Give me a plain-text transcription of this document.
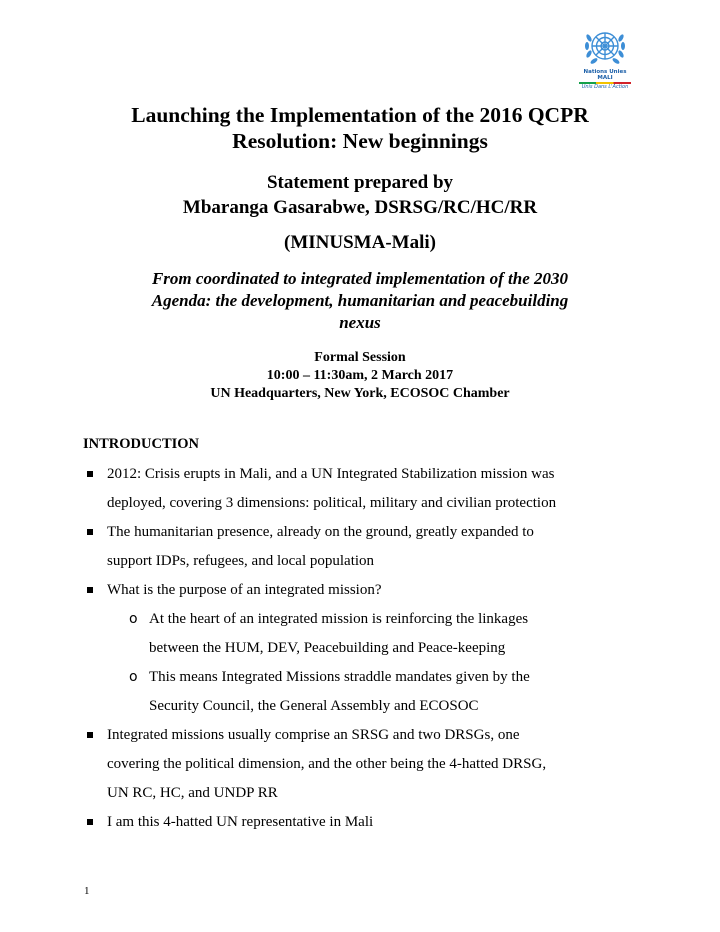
Nations Unies
MALI
Unis Dans L'Action
Launching the Implementation of the 2016 QCPR
Resolution: New beginnings
Statement prepared by
Mbaranga Gasarabwe, DSRSG/RC/HC/RR
(MINUSMA-Mali)
From coordinated to integrated implementation of the 2030
Agenda: the development, humanitarian and peacebuilding
nexus
Formal Session
10:00 – 11:30am, 2 March 2017
UN Headquarters, New York, ECOSOC Chamber
INTRODUCTION
2012: Crisis erupts in Mali, and a UN Integrated Stabilization mission was
deployed, covering 3 dimensions: political, military and civilian protection
The humanitarian presence, already on the ground, greatly expanded to
support IDPs, refugees, and local population
What is the purpose of an integrated mission?
o At the heart of an integrated mission is reinforcing the linkages
between the HUM, DEV, Peacebuilding and Peace-keeping
o This means Integrated Missions straddle mandates given by the
Security Council, the General Assembly and ECOSOC
Integrated missions usually comprise an SRSG and two DRSGs, one
covering the political dimension, and the other being the 4-hatted DRSG,
UN RC, HC, and UNDP RR
I am this 4-hatted UN representative in Mali
1
